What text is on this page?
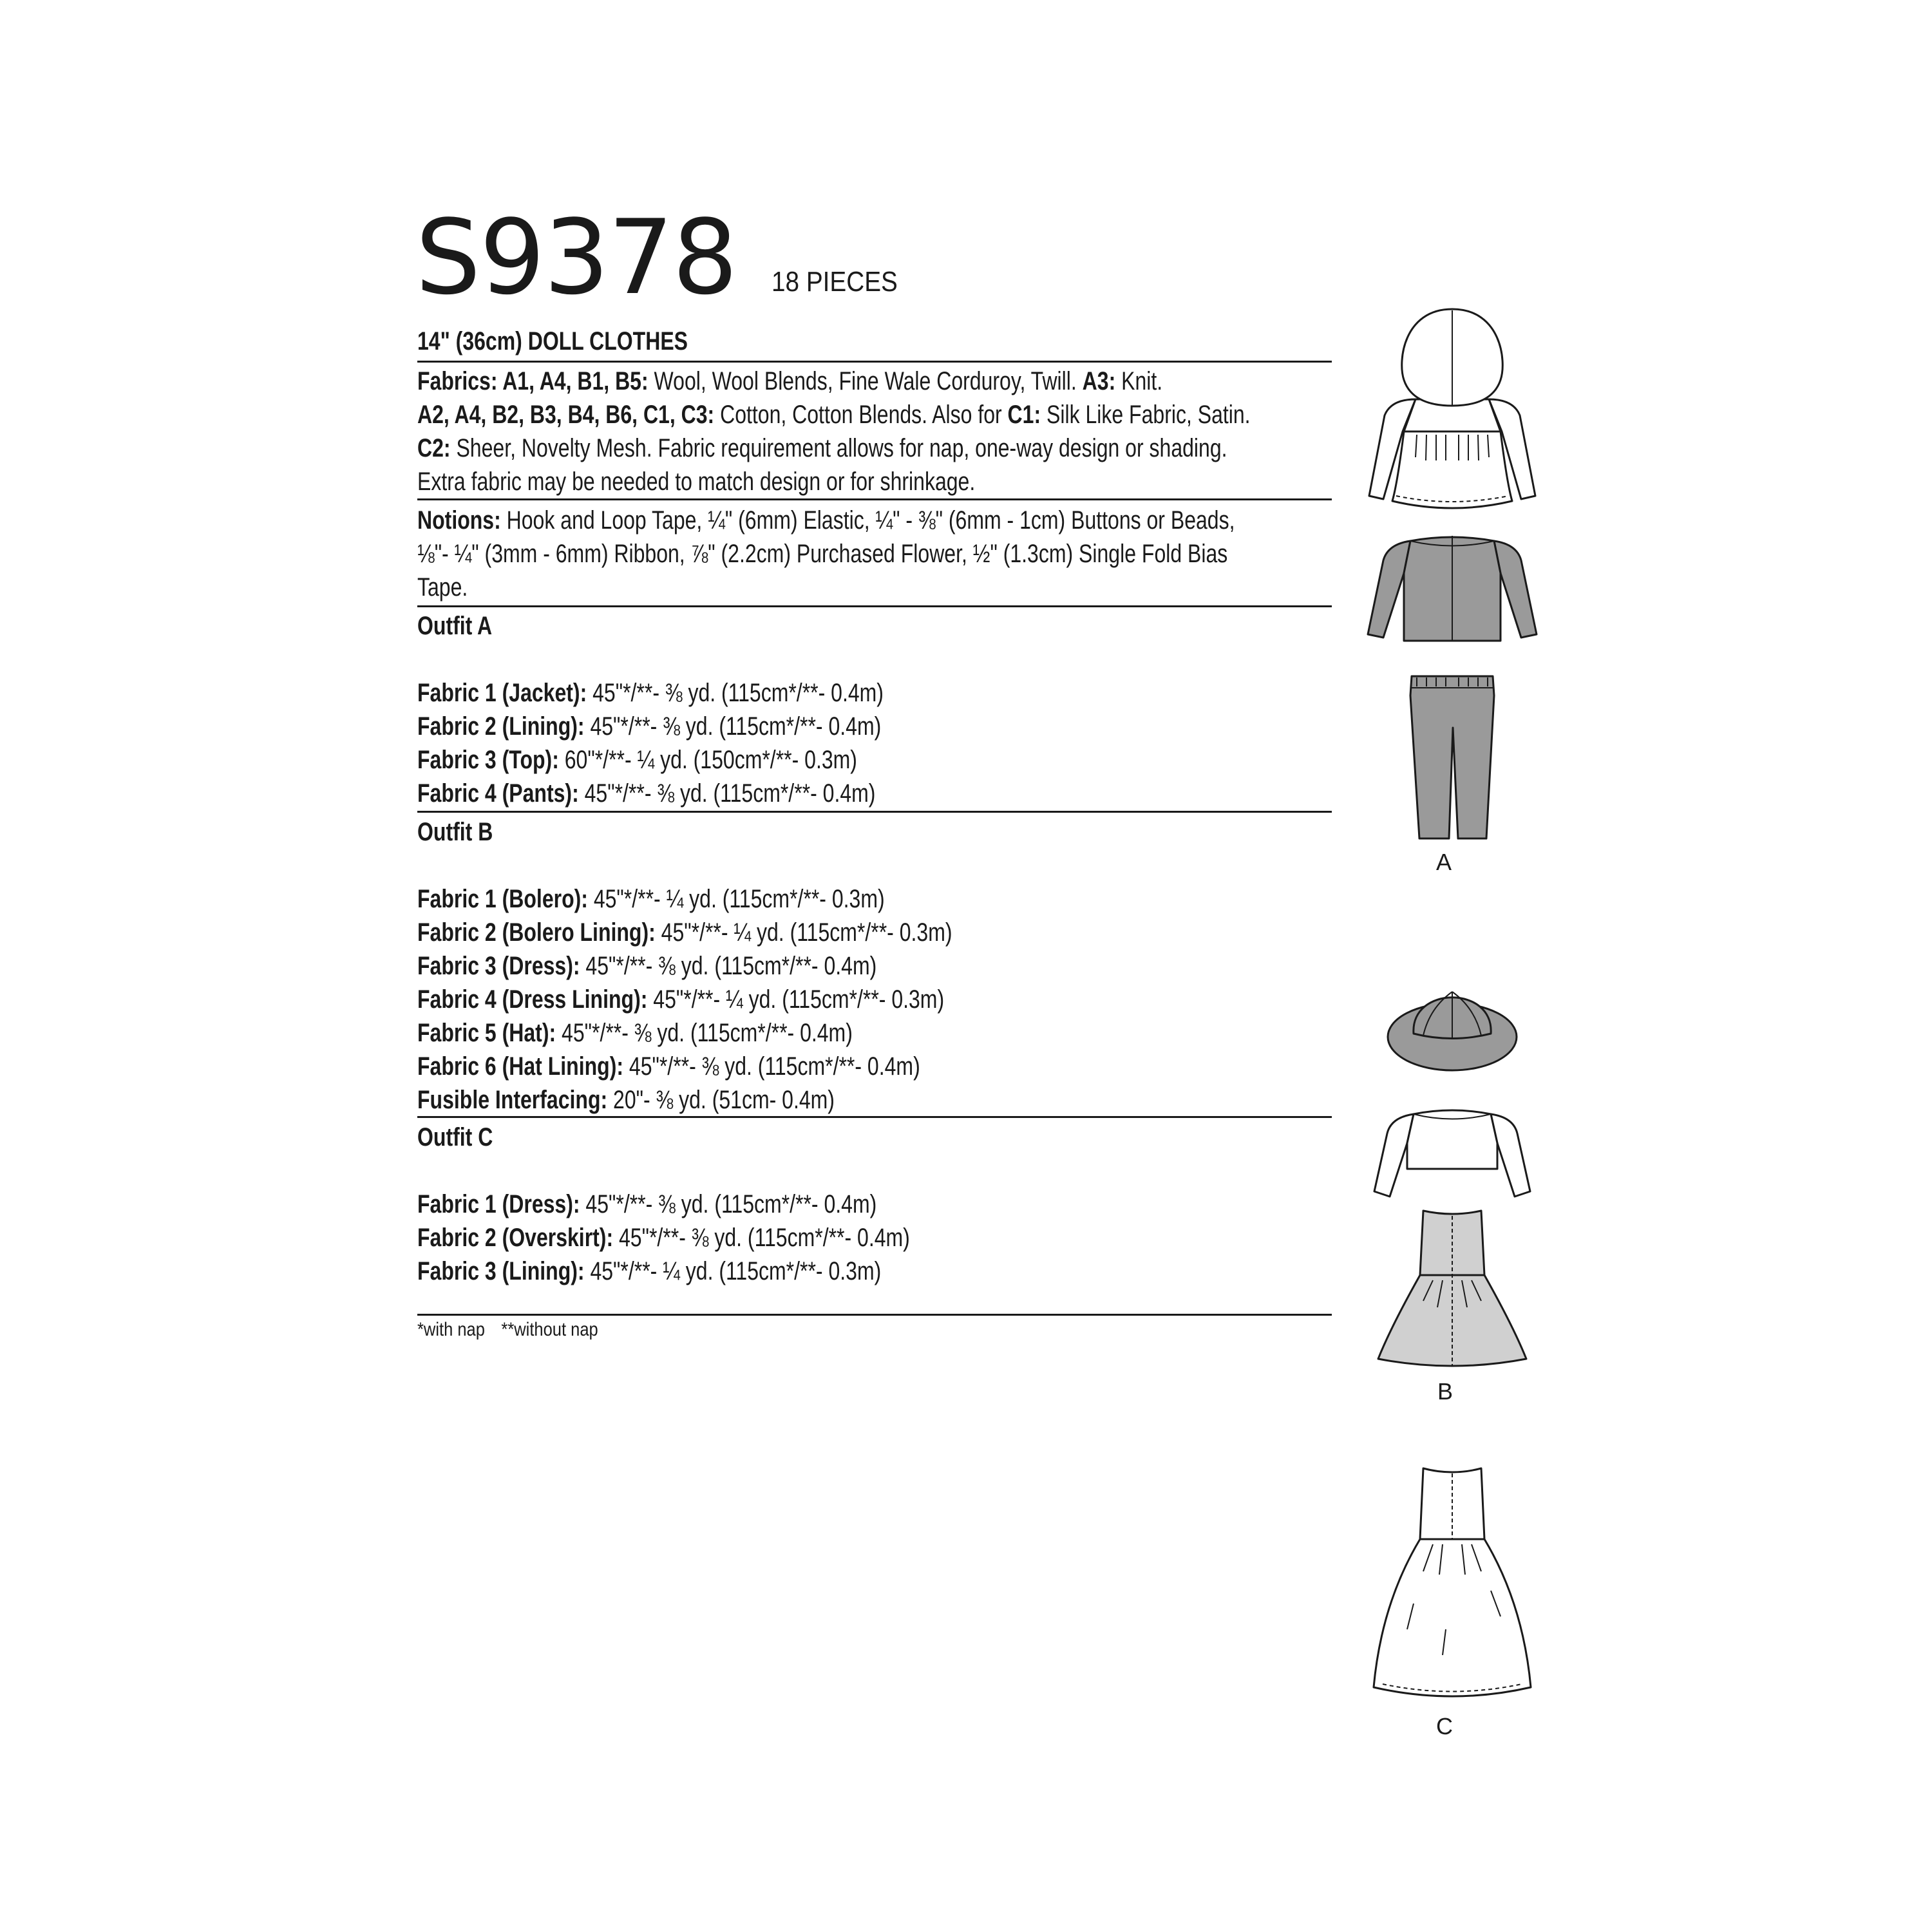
S9378 18 PIECES
14" (36cm) DOLL CLOTHES
Fabrics: A1, A4, B1, B5: Wool, Wool Blends, Fine Wale Corduroy, Twill. A3: Knit.
A2, A4, B2, B3, B4, B6, C1, C3: Cotton, Cotton Blends. Also for C1: Silk Like Fabric, Satin.
C2: Sheer, Novelty Mesh. Fabric requirement allows for nap, one-way design or shading.
Extra fabric may be needed to match design or for shrinkage.
Notions: Hook and Loop Tape, ¼" (6mm) Elastic, ¼" - ⅜" (6mm - 1cm) Buttons or Beads,
⅛"- ¼" (3mm - 6mm) Ribbon, ⅞" (2.2cm) Purchased Flower, ½" (1.3cm) Single Fold Bias
Tape.
Outfit A
Fabric 1 (Jacket): 45"*/**- ⅜ yd. (115cm*/**- 0.4m)
Fabric 2 (Lining): 45"*/**- ⅜ yd. (115cm*/**- 0.4m)
Fabric 3 (Top): 60"*/**- ¼ yd. (150cm*/**- 0.3m)
Fabric 4 (Pants): 45"*/**- ⅜ yd. (115cm*/**- 0.4m)
Outfit B
Fabric 1 (Bolero): 45"*/**- ¼ yd. (115cm*/**- 0.3m)
Fabric 2 (Bolero Lining): 45"*/**- ¼ yd. (115cm*/**- 0.3m)
Fabric 3 (Dress): 45"*/**- ⅜ yd. (115cm*/**- 0.4m)
Fabric 4 (Dress Lining): 45"*/**- ¼ yd. (115cm*/**- 0.3m)
Fabric 5 (Hat): 45"*/**- ⅜ yd. (115cm*/**- 0.4m)
Fabric 6 (Hat Lining): 45"*/**- ⅜ yd. (115cm*/**- 0.4m)
Fusible Interfacing: 20"- ⅜ yd. (51cm- 0.4m)
Outfit C
Fabric 1 (Dress): 45"*/**- ⅜ yd. (115cm*/**- 0.4m)
Fabric 2 (Overskirt): 45"*/**- ⅜ yd. (115cm*/**- 0.4m)
Fabric 3 (Lining): 45"*/**- ¼ yd. (115cm*/**- 0.3m)
*with nap **without nap
A
B
C
